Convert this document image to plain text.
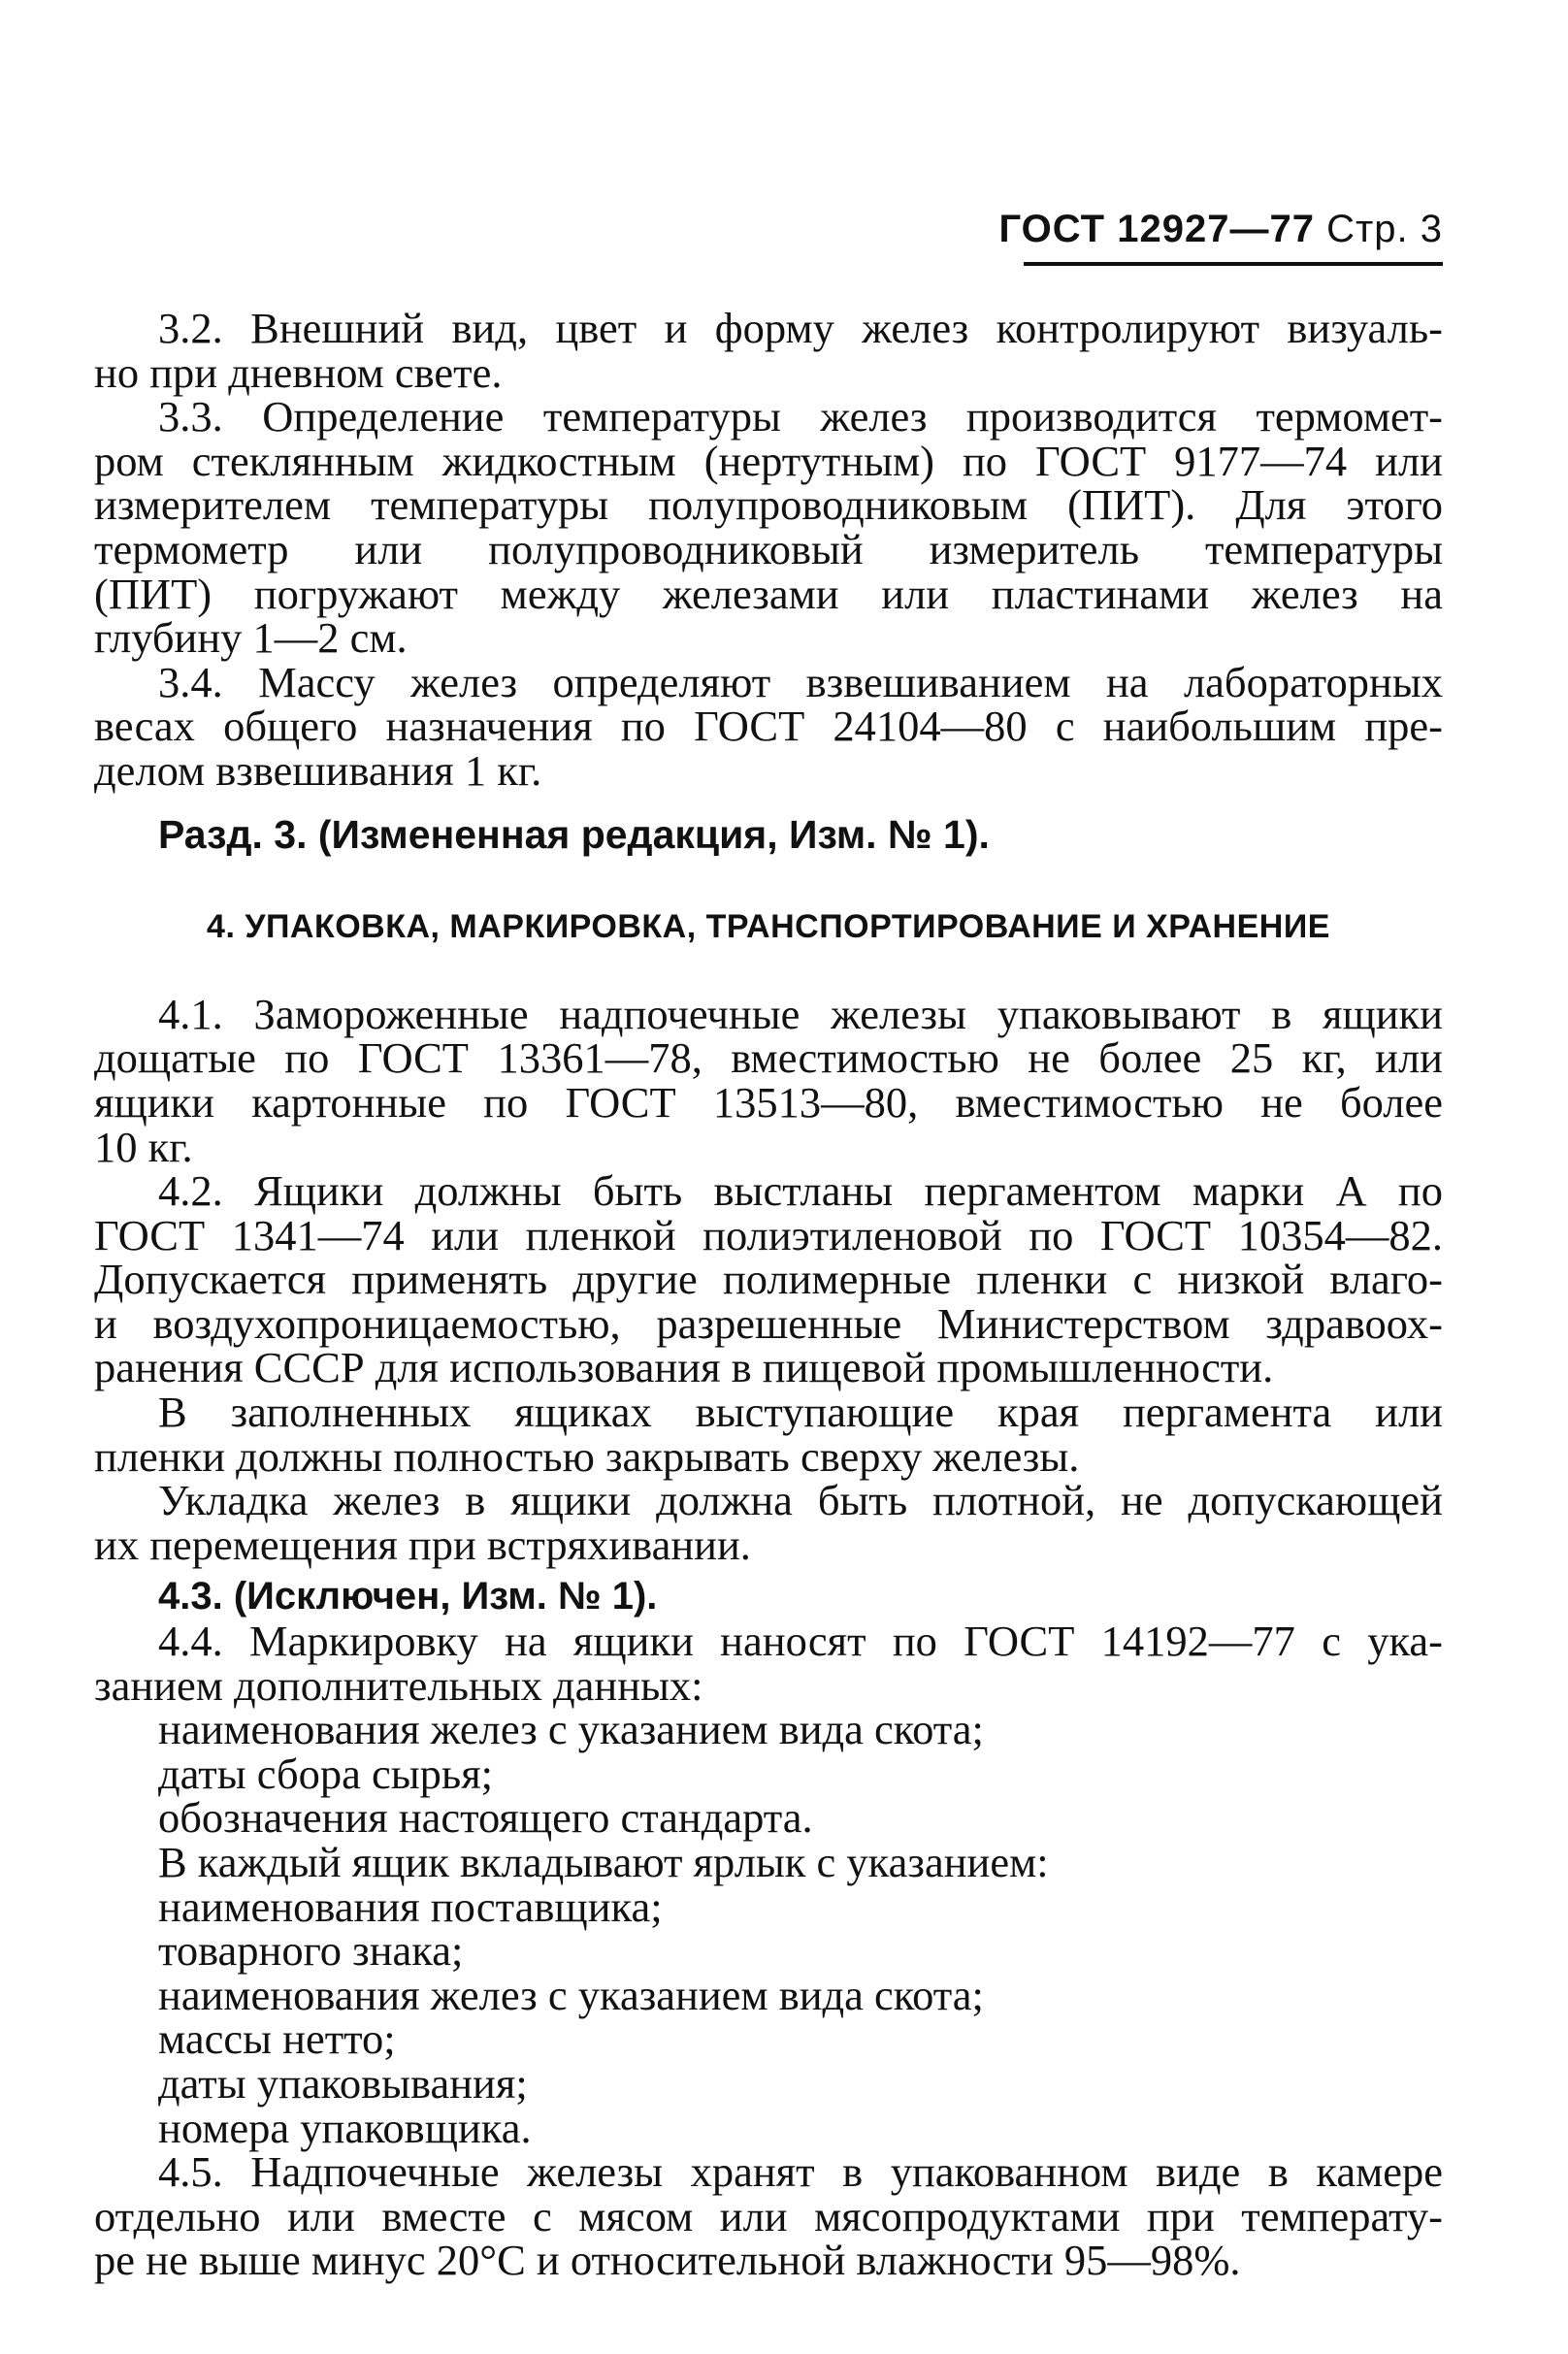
ГОСТ 12927—77 Стр. 3

3.2. Внешний вид, цвет и форму желез контролируют визуаль-

но при дневном свете.

3.3. Определение температуры желез производится термомет-

ром стеклянным жидкостным (нертутным) по ГОСТ 9177—74 или

измерителем температуры полупроводниковым (ПИТ). Для этого

термометр или полупроводниковый измеритель температуры

(ПИТ) погружают между железами или пластинами желез на

глубину 1—2 см.

3.4. Массу желез определяют взвешиванием на лабораторных

весах общего назначения по ГОСТ 24104—80 с наибольшим пре-

делом взвешивания 1 кг.

Разд. 3. (Измененная редакция, Изм. № 1).

4. УПАКОВКА, МАРКИРОВКА, ТРАНСПОРТИРОВАНИЕ И ХРАНЕНИЕ

4.1. Замороженные надпочечные железы упаковывают в ящики

дощатые по ГОСТ 13361—78, вместимостью не более 25 кг, или

ящики картонные по ГОСТ 13513—80, вместимостью не более

10 кг.

4.2. Ящики должны быть выстланы пергаментом марки А по

ГОСТ 1341—74 или пленкой полиэтиленовой по ГОСТ 10354—82.

Допускается применять другие полимерные пленки с низкой влаго-

и воздухопроницаемостью, разрешенные Министерством здравоох-

ранения СССР для использования в пищевой промышленности.

В заполненных ящиках выступающие края пергамента или

пленки должны полностью закрывать сверху железы.

Укладка желез в ящики должна быть плотной, не допускающей

их перемещения при встряхивании.

4.3. (Исключен, Изм. № 1).

4.4. Маркировку на ящики наносят по ГОСТ 14192—77 с ука-

занием дополнительных данных:

наименования желез с указанием вида скота;

даты сбора сырья;

обозначения настоящего стандарта.

В каждый ящик вкладывают ярлык с указанием:

наименования поставщика;

товарного знака;

наименования желез с указанием вида скота;

массы нетто;

даты упаковывания;

номера упаковщика.

4.5. Надпочечные железы хранят в упакованном виде в камере

отдельно или вместе с мясом или мясопродуктами при температу-

ре не выше минус 20°С и относительной влажности 95—98%.
